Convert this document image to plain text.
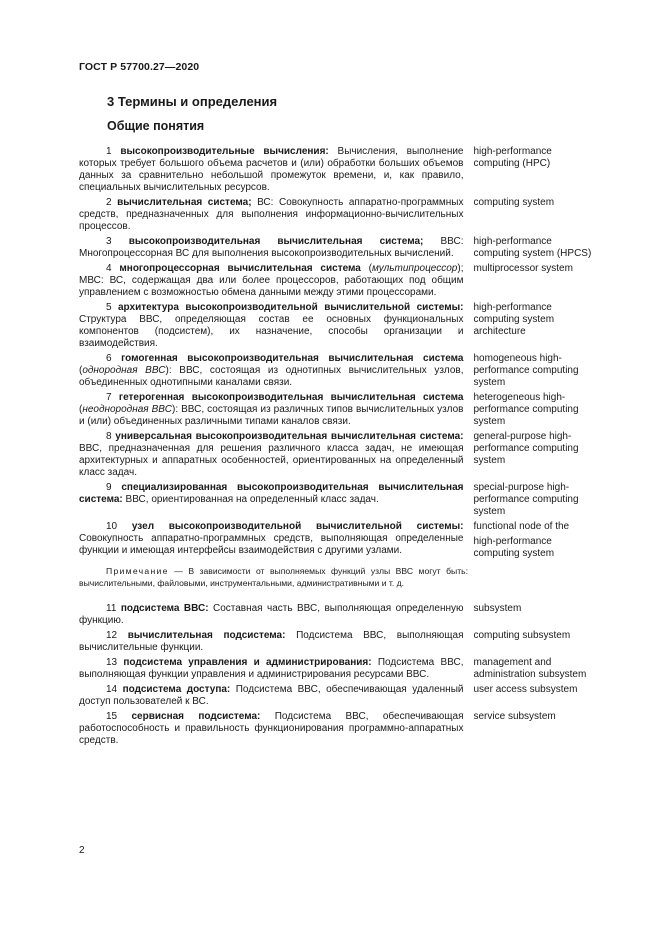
ГОСТ Р 57700.27—2020
3 Термины и определения
Общие понятия

1 высокопроизводительные вычисления: Вычисления, выполнение которых требует большого объема расчетов и (или) обработки больших объемов данных за сравнительно небольшой промежуток времени, и, как правило, специальных вычислительных ресурсов.

high-performance computing (HPC)

2 вычислительная система; ВС: Совокупность аппаратно-программных средств, предназначенных для выполнения информационно-вычислительных процессов.

computing system

3 высокопроизводительная вычислительная система; ВВС: Многопроцессорная ВС для выполнения высокопроизводительных вычислений.

high-performance computing system (HPCS)

4 многопроцессорная вычислительная система (мультипроцессор); МВС: ВС, содержащая два или более процессоров, работающих под общим управлением с возможностью обмена данными между этими процессорами.

multiprocessor system

5 архитектура высокопроизводительной вычислительной системы: Структура ВВС, определяющая состав ее основных функциональных компонентов (подсистем), их назначение, способы организации и взаимодействия.

high-performance computing system architecture

6 гомогенная высокопроизводительная вычислительная система (однородная ВВС): ВВС, состоящая из однотипных вычислительных узлов, объединенных однотипными каналами связи.

homogeneous high-performance computing system

7 гетерогенная высокопроизводительная вычислительная система (неоднородная ВВС): ВВС, состоящая из различных типов вычислительных узлов и (или) объединенных различными типами каналов связи.

heterogeneous high-performance computing system

8 универсальная высокопроизводительная вычислительная система: ВВС, предназначенная для решения различного класса задач, не имеющая архитектурных и аппаратных особенностей, ориентированных на определенный класс задач.

general-purpose high-performance computing system

9 специализированная высокопроизводительная вычислительная система: ВВС, ориентированная на определенный класс задач.

special-purpose high-performance computing system

10 узел высокопроизводительной вычислительной системы: Совокупность аппаратно-программных средств, выполняющая определенные функции и имеющая интерфейсы взаимодействия с другими узлами.

functional node of the

high-performance computing system

Примечание — В зависимости от выполняемых функций узлы ВВС могут быть: вычислительными, файловыми, инструментальными, административными и т. д.

11 подсистема ВВС: Составная часть ВВС, выполняющая определенную функцию.

subsystem

12 вычислительная подсистема: Подсистема ВВС, выполняющая вычислительные функции.

computing subsystem

13 подсистема управления и администрирования: Подсистема ВВС, выполняющая функции управления и администрирования ресурсами ВВС.

management and administration subsystem

14 подсистема доступа: Подсистема ВВС, обеспечивающая удаленный доступ пользователей к ВС.

user access subsystem

15 сервисная подсистема: Подсистема ВВС, обеспечивающая работоспособность и правильность функционирования программно-аппаратных средств.

service subsystem

2
